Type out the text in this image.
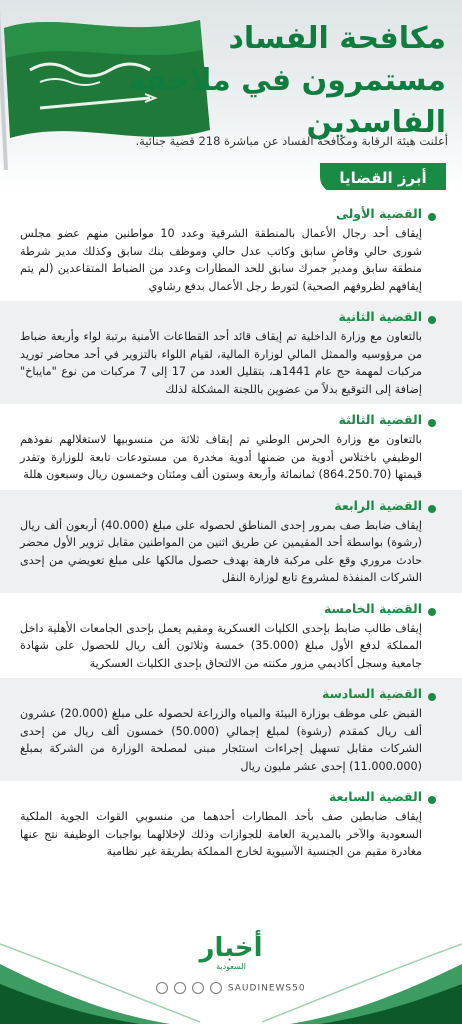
مكافحة الفساد
مستمرون في ملاحقة
الفاسدين
أعلنت هيئة الرقابة ومكافحة الفساد عن مباشرة 218 قضية جنائية.
أبرز القضايا
القضية الأولى

إيقاف أحد رجال الأعمال بالمنطقة الشرقية وعدد 10 مواطنين منهم عضو مجلس شورى حالي وقاضٍ سابق وكاتب عدل حالي وموظف بنك سابق وكذلك مدير شرطة منطقة سابق ومدير جمرك سابق للحد المطارات وعدد من الضباط المتقاعدين (لم يتم إيقافهم لظروفهم الصحية) لتورط رجل الأعمال بدفع رشاوي

القضية الثانية

بالتعاون مع وزارة الداخلية تم إيقاف قائد أحد القطاعات الأمنية برتبة لواء وأربعة ضباط من مرؤوسيه والممثل المالي لوزارة المالية، لقيام اللواء بالتزوير في أحد محاضر توريد مركبات لمهمة حج عام 1441هـ، بتقليل العدد من 17 إلى 7 مركبات من نوع "مايباخ" إضافة إلى التوقيع بدلاً من عضوين باللجنة المشكلة لذلك

القضية الثالثة

بالتعاون مع وزارة الحرس الوطني تم إيقاف ثلاثة من منسوبيها لاستغلالهم نفوذهم الوظيفي باختلاس أدوية من ضمنها أدوية مخدرة من مستودعات تابعة للوزارة وتقدر قيمتها (864.250.70) ثمانمائة وأربعة وستون ألف ومئتان وخمسون ريال وسبعون هللة

القضية الرابعة

إيقاف ضابط صف بمرور إحدى المناطق لحصوله على مبلغ (40.000) أربعون ألف ريال (رشوة) بواسطة أحد المقيمين عن طريق اثنين من المواطنين مقابل تزوير الأول محضر حادث مروري وقع على مركبة فارهة بهدف حصول مالكها على مبلغ تعويضي من إحدى الشركات المنفذة لمشروع تابع لوزارة النقل

القضية الخامسة

إيقاف طالب ضابط بإحدى الكليات العسكرية ومقيم يعمل بإحدى الجامعات الأهلية داخل المملكة لدفع الأول مبلغ (35.000) خمسة وثلاثون ألف ريال للحصول على شهادة جامعية وسجل أكاديمي مزور مكنته من الالتحاق بإحدى الكليات العسكرية

القضية السادسة

القبض على موظف بوزارة البيئة والمياه والزراعة لحصوله على مبلغ (20.000) عشرون ألف ريال كمقدم (رشوة) لمبلغ إجمالي (50.000) خمسون ألف ريال من إحدى الشركات مقابل تسهيل إجراءات استئجار مبنى لمصلحة الوزارة من الشركة بمبلغ (11.000.000) إحدى عشر مليون ريال

القضية السابعة

إيقاف ضابطين صف بأحد المطارات أحدهما من منسوبي القوات الجوية الملكية السعودية والآخر بالمديرية العامة للجوازات وذلك لإخلالهما بواجبات الوظيفة نتج عنها مغادرة مقيم من الجنسية الآسيوية لخارج المملكة بطريقة غير نظامية

أخبار
السعودية
SAUDINEWS50
